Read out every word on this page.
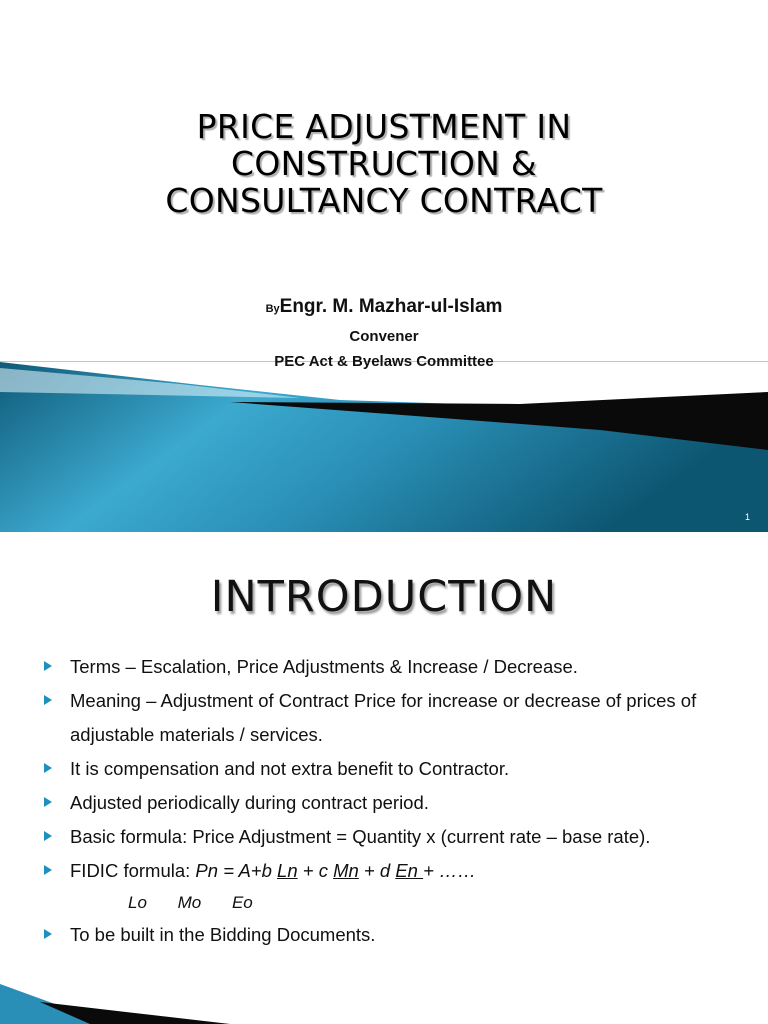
PRICE ADJUSTMENT IN
CONSTRUCTION &
CONSULTANCY CONTRACT
ByEngr. M. Mazhar-ul-Islam
Convener
PEC Act & Byelaws Committee
1
INTRODUCTION
Terms – Escalation, Price Adjustments & Increase / Decrease.
Meaning – Adjustment of Contract Price for increase or decrease of prices of adjustable materials / services.
It is compensation and not extra benefit to Contractor.
Adjusted periodically during contract period.
Basic formula: Price Adjustment = Quantity x (current rate – base rate).
FIDIC formula: Pn = A+b Ln + c Mn + d En + ……
Lo Mo Eo
To be built in the Bidding Documents.
